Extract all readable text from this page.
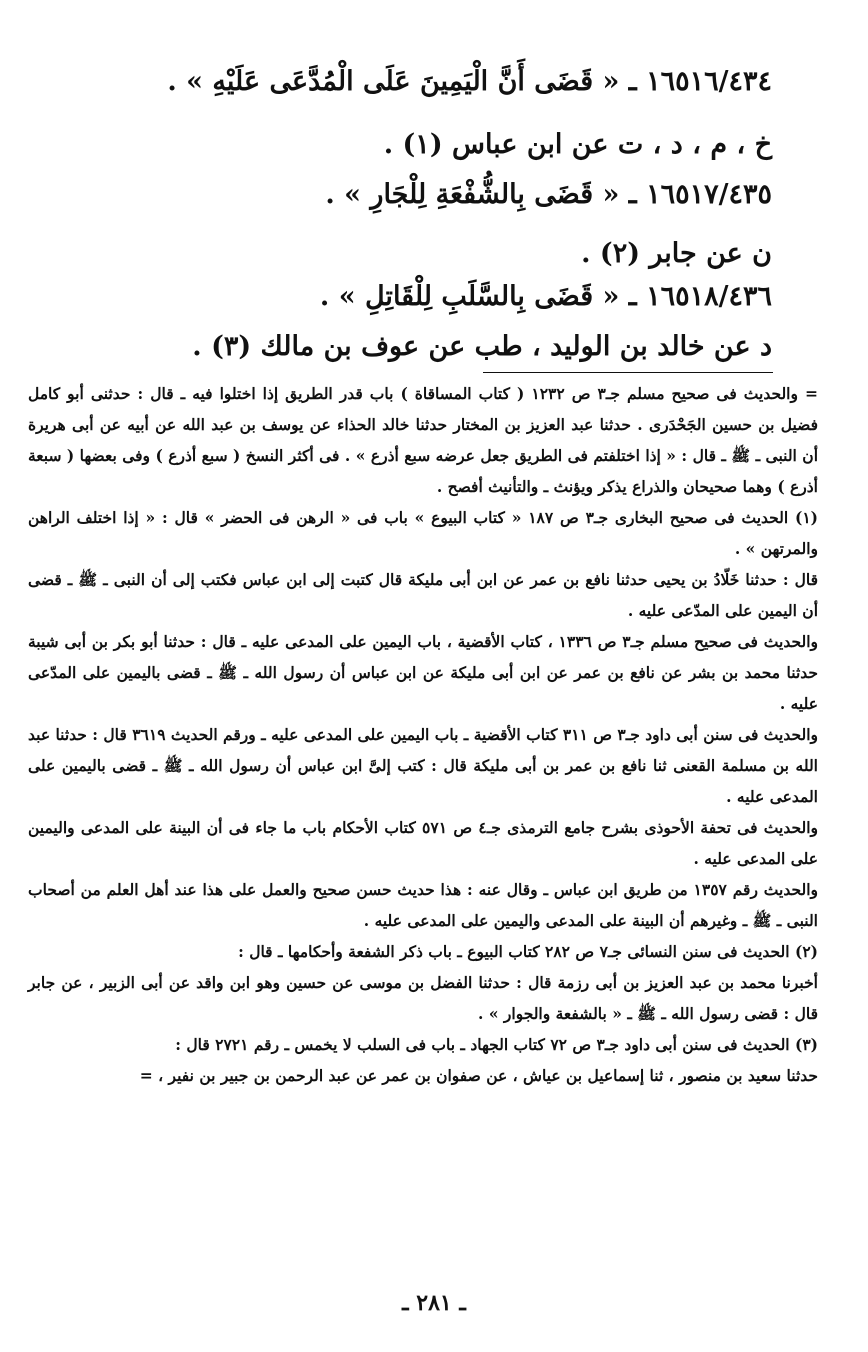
١٦٥١٦/٤٣٤ ـ « قَضَى أَنَّ الْيَمِينَ عَلَى الْمُدَّعَى عَلَيْهِ » .

خ ، م ، د ، ت عن ابن عباس (١) .

١٦٥١٧/٤٣٥ ـ « قَضَى بِالشُّفْعَةِ لِلْجَارِ » .

ن عن جابر (٢) .

١٦٥١٨/٤٣٦ ـ « قَضَى بِالسَّلَبِ لِلْقَاتِلِ » .

د عن خالد بن الوليد ، طب عن عوف بن مالك (٣) .

= والحديث فى صحيح مسلم جـ٣ ص ١٢٣٢ ( كتاب المساقاة ) باب قدر الطريق إذا اختلوا فيه ـ قال : حدثنى أبو كامل فضيل بن حسين الجَحْدَرى . حدثنا عبد العزيز بن المختار حدثنا خالد الحذاء عن يوسف بن عبد الله عن أبيه عن أبى هريرة أن النبى ـ ﷺ ـ قال : « إذا اختلفتم فى الطريق جعل عرضه سبع أذرع » . فى أكثر النسخ ( سبع أذرع ) وفى بعضها ( سبعة أذرع ) وهما صحيحان والذراع يذكر ويؤنث ـ والتأنيث أفصح .

(١) الحديث فى صحيح البخارى جـ٣ ص ١٨٧ « كتاب البيوع » باب فى « الرهن فى الحضر » قال : « إذا اختلف الراهن والمرتهن » .

قال : حدثنا خَلّادُ بن يحيى حدثنا نافع بن عمر عن ابن أبى مليكة قال كتبت إلى ابن عباس فكتب إلى أن النبى ـ ﷺ ـ قضى أن اليمين على المدّعى عليه .

والحديث فى صحيح مسلم جـ٣ ص ١٣٣٦ ، كتاب الأقضية ، باب اليمين على المدعى عليه ـ قال : حدثنا أبو بكر بن أبى شيبة حدثنا محمد بن بشر عن نافع بن عمر عن ابن أبى مليكة عن ابن عباس أن رسول الله ـ ﷺ ـ قضى باليمين على المدّعى عليه .

والحديث فى سنن أبى داود جـ٣ ص ٣١١ كتاب الأقضية ـ باب اليمين على المدعى عليه ـ ورقم الحديث ٣٦١٩ قال : حدثنا عبد الله بن مسلمة القعنى ثنا نافع بن عمر بن أبى مليكة قال : كتب إلىَّ ابن عباس أن رسول الله ـ ﷺ ـ قضى باليمين على المدعى عليه .

والحديث فى تحفة الأحوذى بشرح جامع الترمذى جـ٤ ص ٥٧١ كتاب الأحكام باب ما جاء فى أن البينة على المدعى واليمين على المدعى عليه .

والحديث رقم ١٣٥٧ من طريق ابن عباس ـ وقال عنه : هذا حديث حسن صحيح والعمل على هذا عند أهل العلم من أصحاب النبى ـ ﷺ ـ وغيرهم أن البينة على المدعى واليمين على المدعى عليه .

(٢) الحديث فى سنن النسائى جـ٧ ص ٢٨٢ كتاب البيوع ـ باب ذكر الشفعة وأحكامها ـ قال :

أخبرنا محمد بن عبد العزيز بن أبى رزمة قال : حدثنا الفضل بن موسى عن حسين وهو ابن واقد عن أبى الزبير ، عن جابر قال : قضى رسول الله ـ ﷺ ـ « بالشفعة والجوار » .

(٣) الحديث فى سنن أبى داود جـ٣ ص ٧٢ كتاب الجهاد ـ باب فى السلب لا يخمس ـ رقم ٢٧٢١ قال :

حدثنا سعيد بن منصور ، ثنا إسماعيل بن عياش ، عن صفوان بن عمر عن عبد الرحمن بن جبير بن نفير ، =

ـ ٢٨١ ـ
